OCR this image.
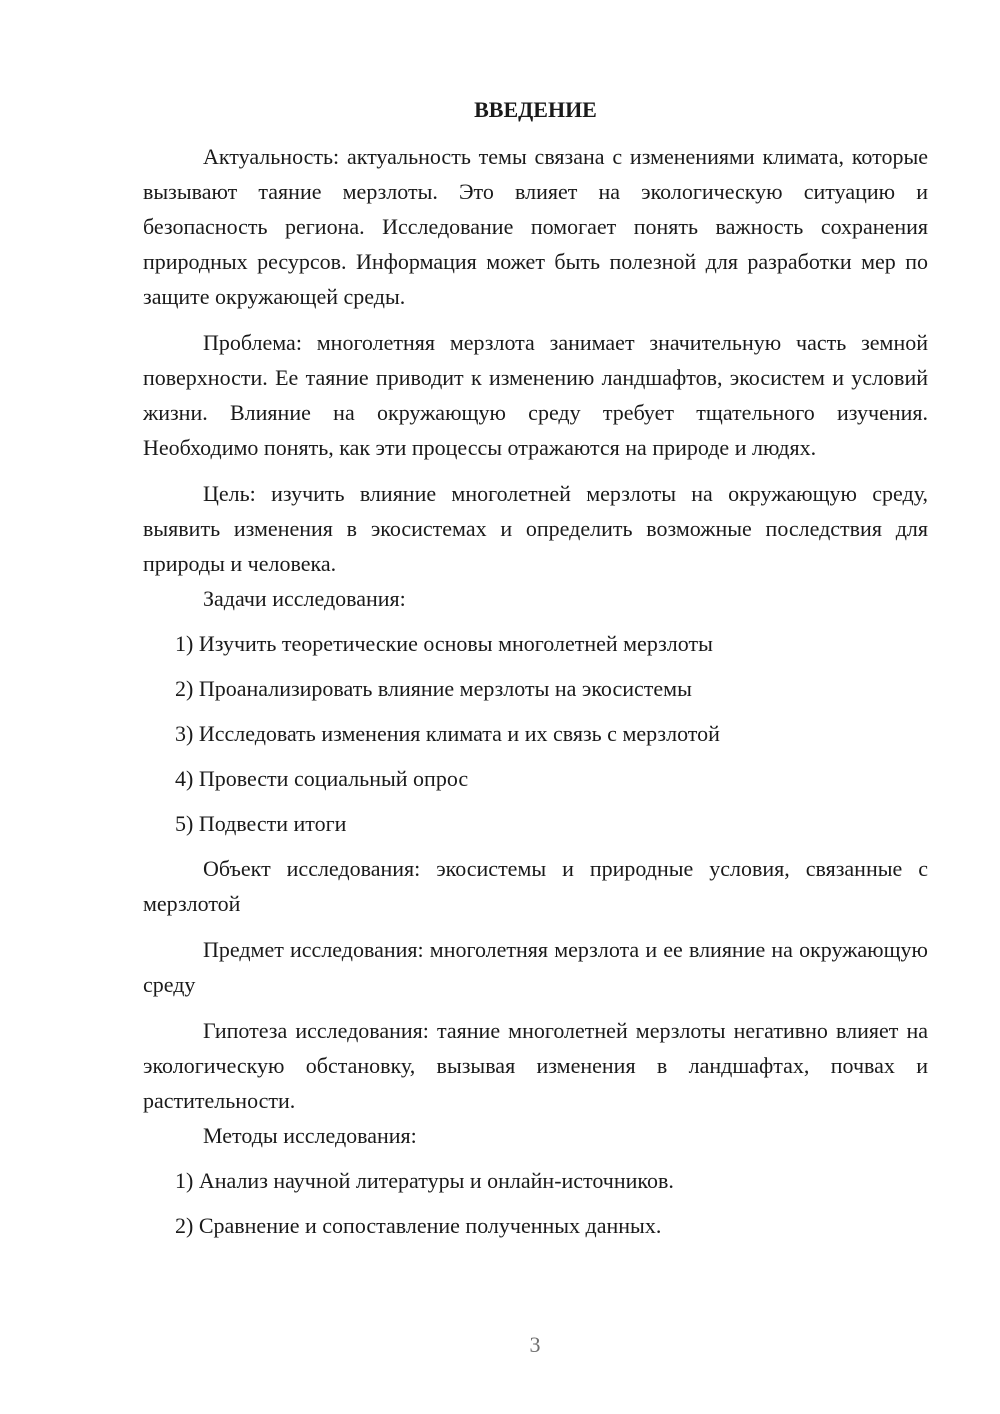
ВВЕДЕНИЕ

Актуальность: актуальность темы связана с изменениями климата, которые вызывают таяние мерзлоты. Это влияет на экологическую ситуацию и безопасность региона. Исследование помогает понять важность сохранения природных ресурсов. Информация может быть полезной для разработки мер по защите окружающей среды.

Проблема: многолетняя мерзлота занимает значительную часть земной поверхности. Ее таяние приводит к изменению ландшафтов, экосистем и условий жизни. Влияние на окружающую среду требует тщательного изучения. Необходимо понять, как эти процессы отражаются на природе и людях.

Цель: изучить влияние многолетней мерзлоты на окружающую среду, выявить изменения в экосистемах и определить возможные последствия для природы и человека.

Задачи исследования:

1) Изучить теоретические основы многолетней мерзлоты

2) Проанализировать влияние мерзлоты на экосистемы

3) Исследовать изменения климата и их связь с мерзлотой

4) Провести социальный опрос

5) Подвести итоги

Объект исследования: экосистемы и природные условия, связанные с мерзлотой

Предмет исследования: многолетняя мерзлота и ее влияние на окружающую среду

Гипотеза исследования: таяние многолетней мерзлоты негативно влияет на экологическую обстановку, вызывая изменения в ландшафтах, почвах и растительности.

Методы исследования:

1) Анализ научной литературы и онлайн-источников.

2) Сравнение и сопоставление полученных данных.

3
